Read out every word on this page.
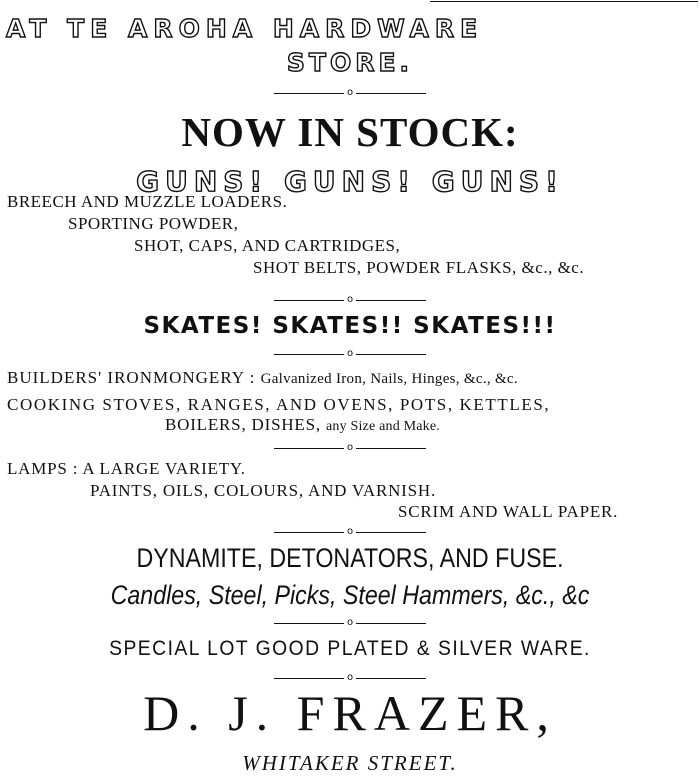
AT TE AROHA HARDWARE
STORE.
o
NOW IN STOCK:
GUNS! GUNS! GUNS!
BREECH AND MUZZLE LOADERS.
SPORTING POWDER,
SHOT, CAPS, AND CARTRIDGES,
SHOT BELTS, POWDER FLASKS, &c., &c.
o
SKATES! SKATES!! SKATES!!!
o
BUILDERS' IRONMONGERY : Galvanized Iron, Nails, Hinges, &c., &c.
COOKING STOVES, RANGES, AND OVENS, POTS, KETTLES,
BOILERS, DISHES, any Size and Make.
o
LAMPS : A LARGE VARIETY.
PAINTS, OILS, COLOURS, AND VARNISH.
SCRIM AND WALL PAPER.
o
DYNAMITE, DETONATORS, AND FUSE.
Candles, Steel, Picks, Steel Hammers, &c., &c
o
SPECIAL LOT GOOD PLATED & SILVER WARE.
o
D. J. FRAZER,
WHITAKER STREET.
